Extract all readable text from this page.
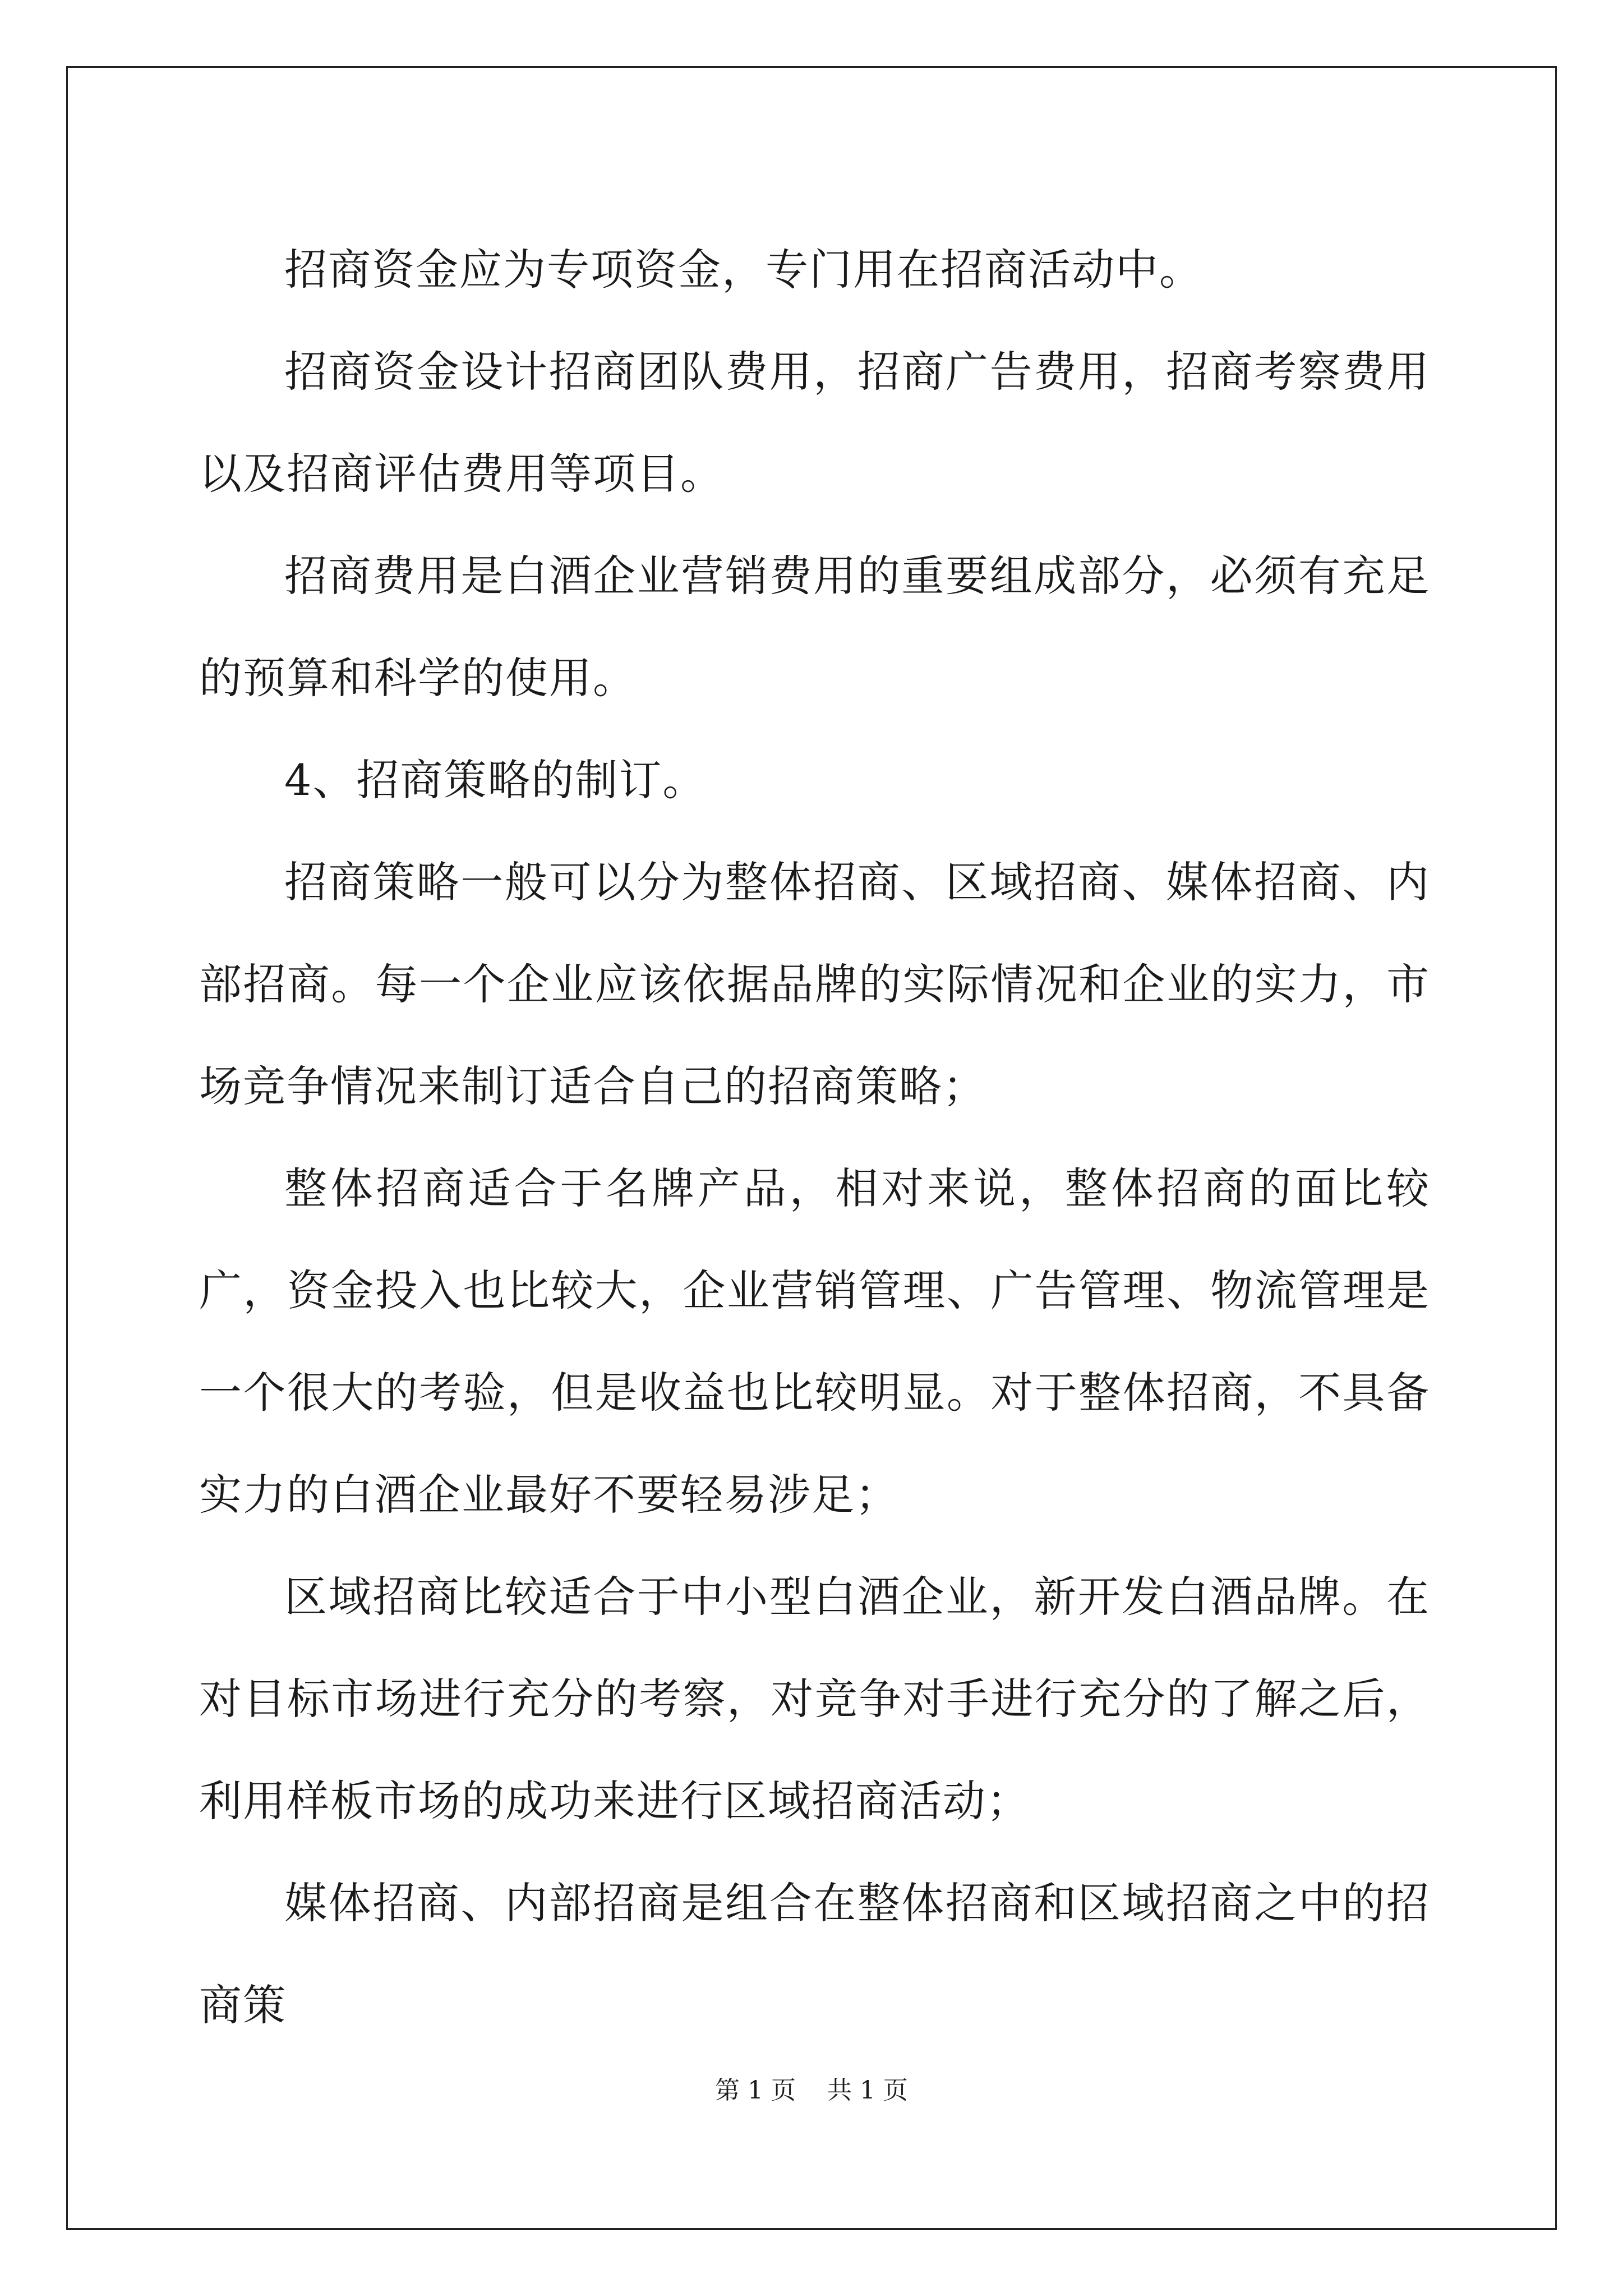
招商资金应为专项资金，专门用在招商活动中。

招商资金设计招商团队费用，招商广告费用，招商考察费用以及招商评估费用等项目。

招商费用是白酒企业营销费用的重要组成部分，必须有充足的预算和科学的使用。

4、招商策略的制订。

招商策略一般可以分为整体招商、区域招商、媒体招商、内部招商。每一个企业应该依据品牌的实际情况和企业的实力，市场竞争情况来制订适合自己的招商策略；

整体招商适合于名牌产品，相对来说，整体招商的面比较广，资金投入也比较大，企业营销管理、广告管理、物流管理是一个很大的考验，但是收益也比较明显。对于整体招商，不具备实力的白酒企业最好不要轻易涉足；

区域招商比较适合于中小型白酒企业，新开发白酒品牌。在对目标市场进行充分的考察，对竞争对手进行充分的了解之后，利用样板市场的成功来进行区域招商活动；

媒体招商、内部招商是组合在整体招商和区域招商之中的招商策

第 1 页    共 1 页
